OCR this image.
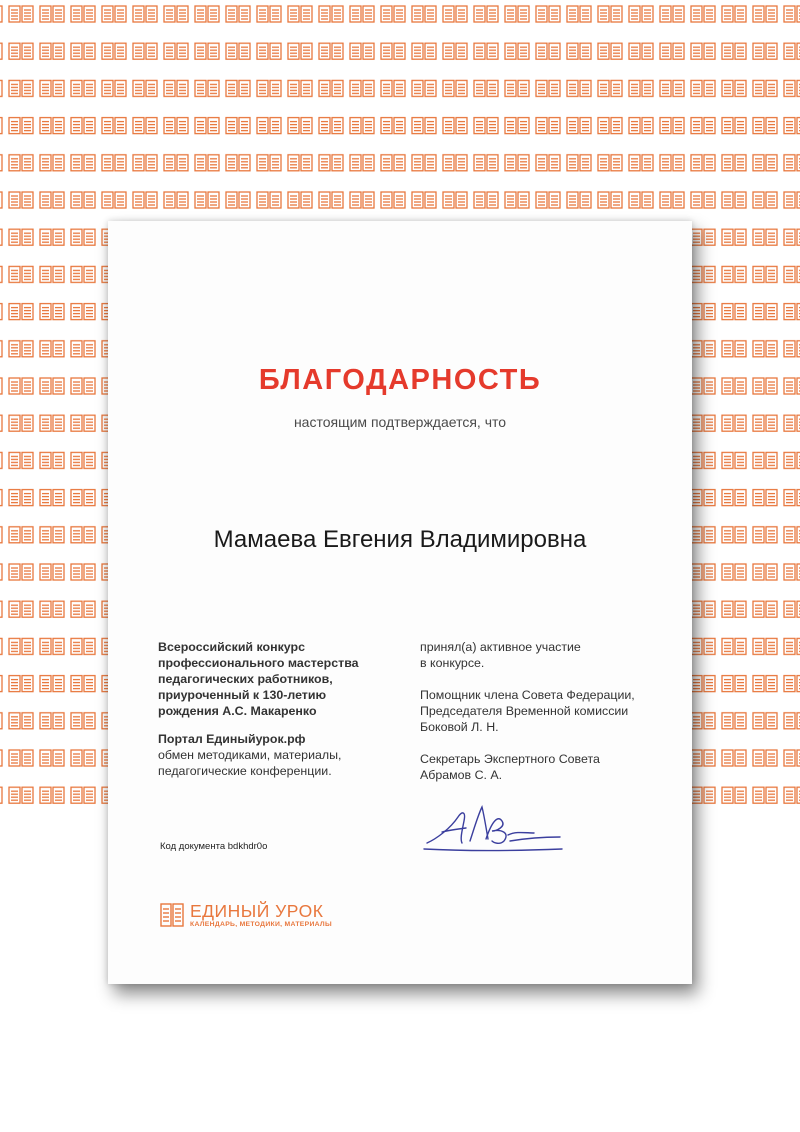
БЛАГОДАРНОСТЬ
настоящим подтверждается, что
Мамаева Евгения Владимировна
Всероссийский конкурс
профессионального мастерства
педагогических работников,
приуроченный к 130-летию
рождения А.С. Макаренко
Портал Единыйурок.рф
обмен методиками, материалы,
педагогические конференции.
принял(а) активное участие
в конкурсе.
Помощник члена Совета Федерации,
Председателя Временной комиссии
Боковой Л. Н.
Секретарь Экспертного Совета
Абрамов С. А.
Код документа bdkhdr0o
ЕДИНЫЙ УРОК
КАЛЕНДАРЬ, МЕТОДИКИ, МАТЕРИАЛЫ
